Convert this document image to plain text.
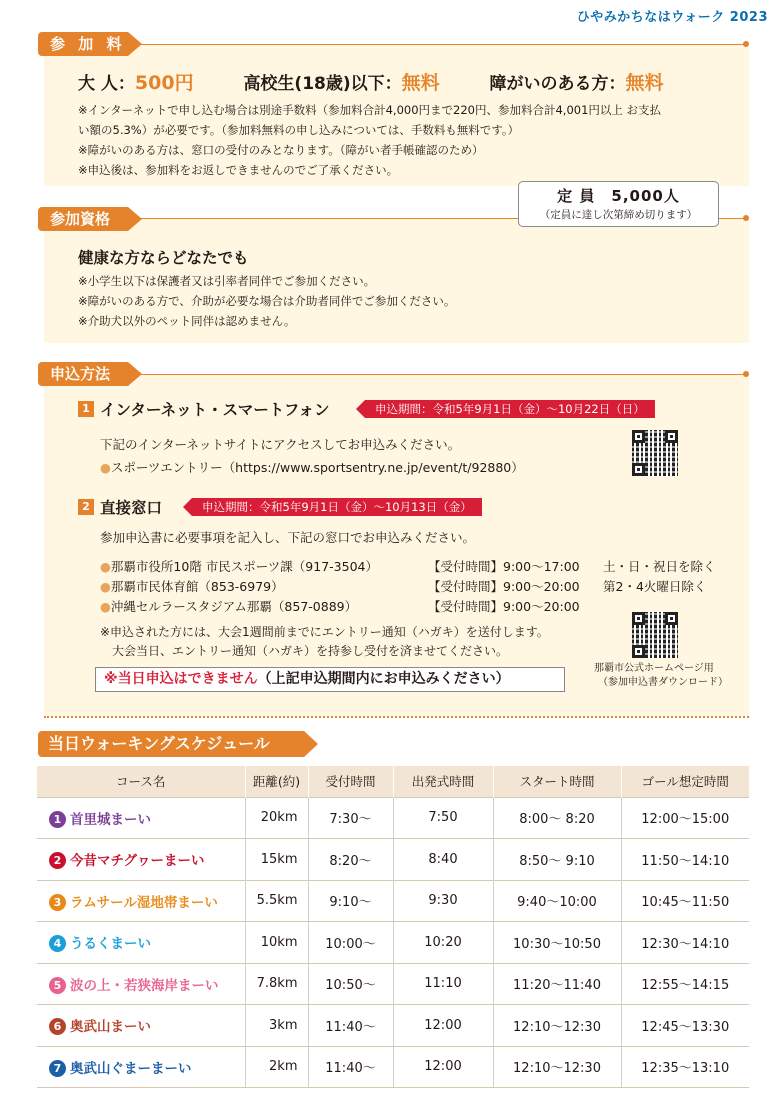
ひやみかちなはウォーク 2023
参 加 料
大 人：500円	高校生(18歳)以下：無料	障がいのある方：無料
※インターネットで申し込む場合は別途手数料（参加料合計4,000円まで220円、参加料合計4,001円以上 お支払
い額の5.3%）が必要です。（参加料無料の申し込みについては、手数料も無料です。）
※障がいのある方は、窓口の受付のみとなります。（障がい者手帳確認のため）
※申込後は、参加料をお返しできませんのでご了承ください。
参加資格
定 員　5,000人
（定員に達し次第締め切ります）
健康な方ならどなたでも
※小学生以下は保護者又は引率者同伴でご参加ください。
※障がいのある方で、介助が必要な場合は介助者同伴でご参加ください。
※介助犬以外のペット同伴は認めません。
申込方法
1 インターネット・スマートフォン	申込期間：令和5年9月1日（金）～10月22日（日）
下記のインターネットサイトにアクセスしてお申込みください。
●スポーツエントリー（https://www.sportsentry.ne.jp/event/t/92880）
2 直接窓口	申込期間：令和5年9月1日（金）～10月13日（金）
参加申込書に必要事項を記入し、下記の窓口でお申込みください。
●那覇市役所10階 市民スポーツ課（917-3504）	【受付時間】9:00～17:00 土・日・祝日を除く
●那覇市民体育館（853-6979）	【受付時間】9:00～20:00 第2・4火曜日除く
●沖縄セルラースタジアム那覇（857-0889）	【受付時間】9:00～20:00
※申込された方には、大会1週間前までにエントリー通知（ハガキ）を送付します。
　大会当日、エントリー通知（ハガキ）を持参し受付を済ませてください。
那覇市公式ホームページ用
（参加申込書ダウンロード）
※当日申込はできません（上記申込期間内にお申込みください）
当日ウォーキングスケジュール
コース名	距離(約)	受付時間	出発式時間	スタート時間	ゴール想定時間
1 首里城まーい	20km	7:30～	7:50	8:00～ 8:20	12:00～15:00
2 今昔マチグヮーまーい	15km	8:20～	8:40	8:50～ 9:10	11:50～14:10
3 ラムサール湿地帯まーい	5.5km	9:10～	9:30	9:40～10:00	10:45～11:50
4 うるくまーい	10km	10:00～	10:20	10:30～10:50	12:30～14:10
5 波の上・若狭海岸まーい	7.8km	10:50～	11:10	11:20～11:40	12:55～14:15
6 奥武山まーい	3km	11:40～	12:00	12:10～12:30	12:45～13:30
7 奥武山ぐまーまーい	2km	11:40～	12:00	12:10～12:30	12:35～13:10
